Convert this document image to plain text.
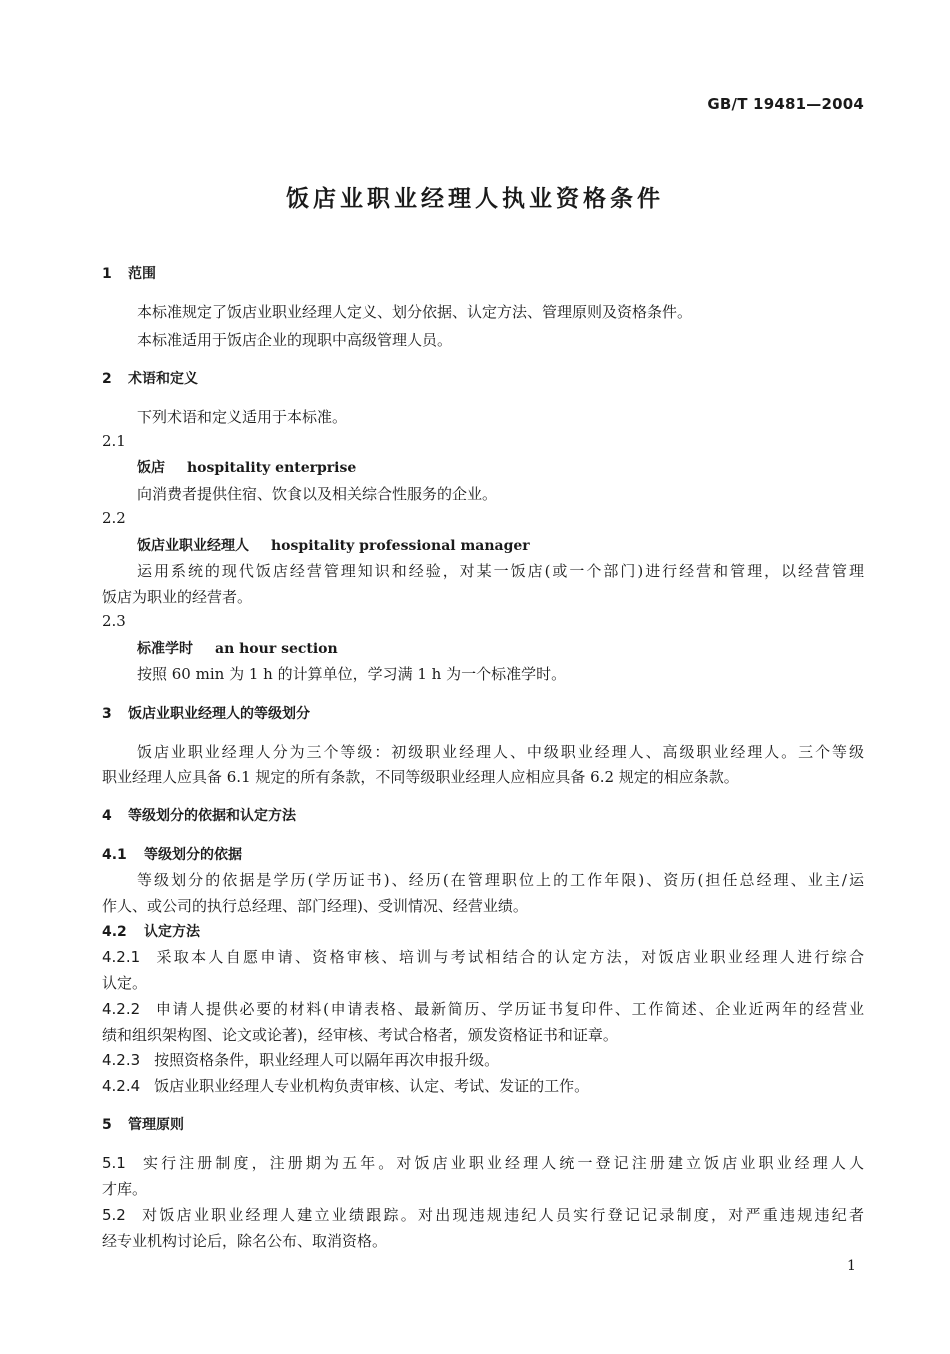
GB/T 19481—2004
饭店业职业经理人执业资格条件
1 范围
本标准规定了饭店业职业经理人定义、划分依据、认定方法、管理原则及资格条件。
本标准适用于饭店企业的现职中高级管理人员。
2 术语和定义
下列术语和定义适用于本标准。
2.1
饭店 hospitality enterprise
向消费者提供住宿、饮食以及相关综合性服务的企业。
2.2
饭店业职业经理人 hospitality professional manager
运用系统的现代饭店经营管理知识和经验，对某一饭店(或一个部门)进行经营和管理，以经营管理
饭店为职业的经营者。
2.3
标准学时 an hour section
按照 60 min 为 1 h 的计算单位，学习满 1 h 为一个标准学时。
3 饭店业职业经理人的等级划分
饭店业职业经理人分为三个等级：初级职业经理人、中级职业经理人、高级职业经理人。三个等级
职业经理人应具备 6.1 规定的所有条款，不同等级职业经理人应相应具备 6.2 规定的相应条款。
4 等级划分的依据和认定方法
4.1 等级划分的依据
等级划分的依据是学历(学历证书)、经历(在管理职位上的工作年限)、资历(担任总经理、业主/运
作人、或公司的执行总经理、部门经理)、受训情况、经营业绩。
4.2 认定方法
4.2.1 采取本人自愿申请、资格审核、培训与考试相结合的认定方法，对饭店业职业经理人进行综合
认定。
4.2.2 申请人提供必要的材料(申请表格、最新简历、学历证书复印件、工作简述、企业近两年的经营业
绩和组织架构图、论文或论著)，经审核、考试合格者，颁发资格证书和证章。
4.2.3 按照资格条件，职业经理人可以隔年再次申报升级。
4.2.4 饭店业职业经理人专业机构负责审核、认定、考试、发证的工作。
5 管理原则
5.1 实行注册制度，注册期为五年。对饭店业职业经理人统一登记注册建立饭店业职业经理人人
才库。
5.2 对饭店业职业经理人建立业绩跟踪。对出现违规违纪人员实行登记记录制度，对严重违规违纪者
经专业机构讨论后，除名公布、取消资格。
1
